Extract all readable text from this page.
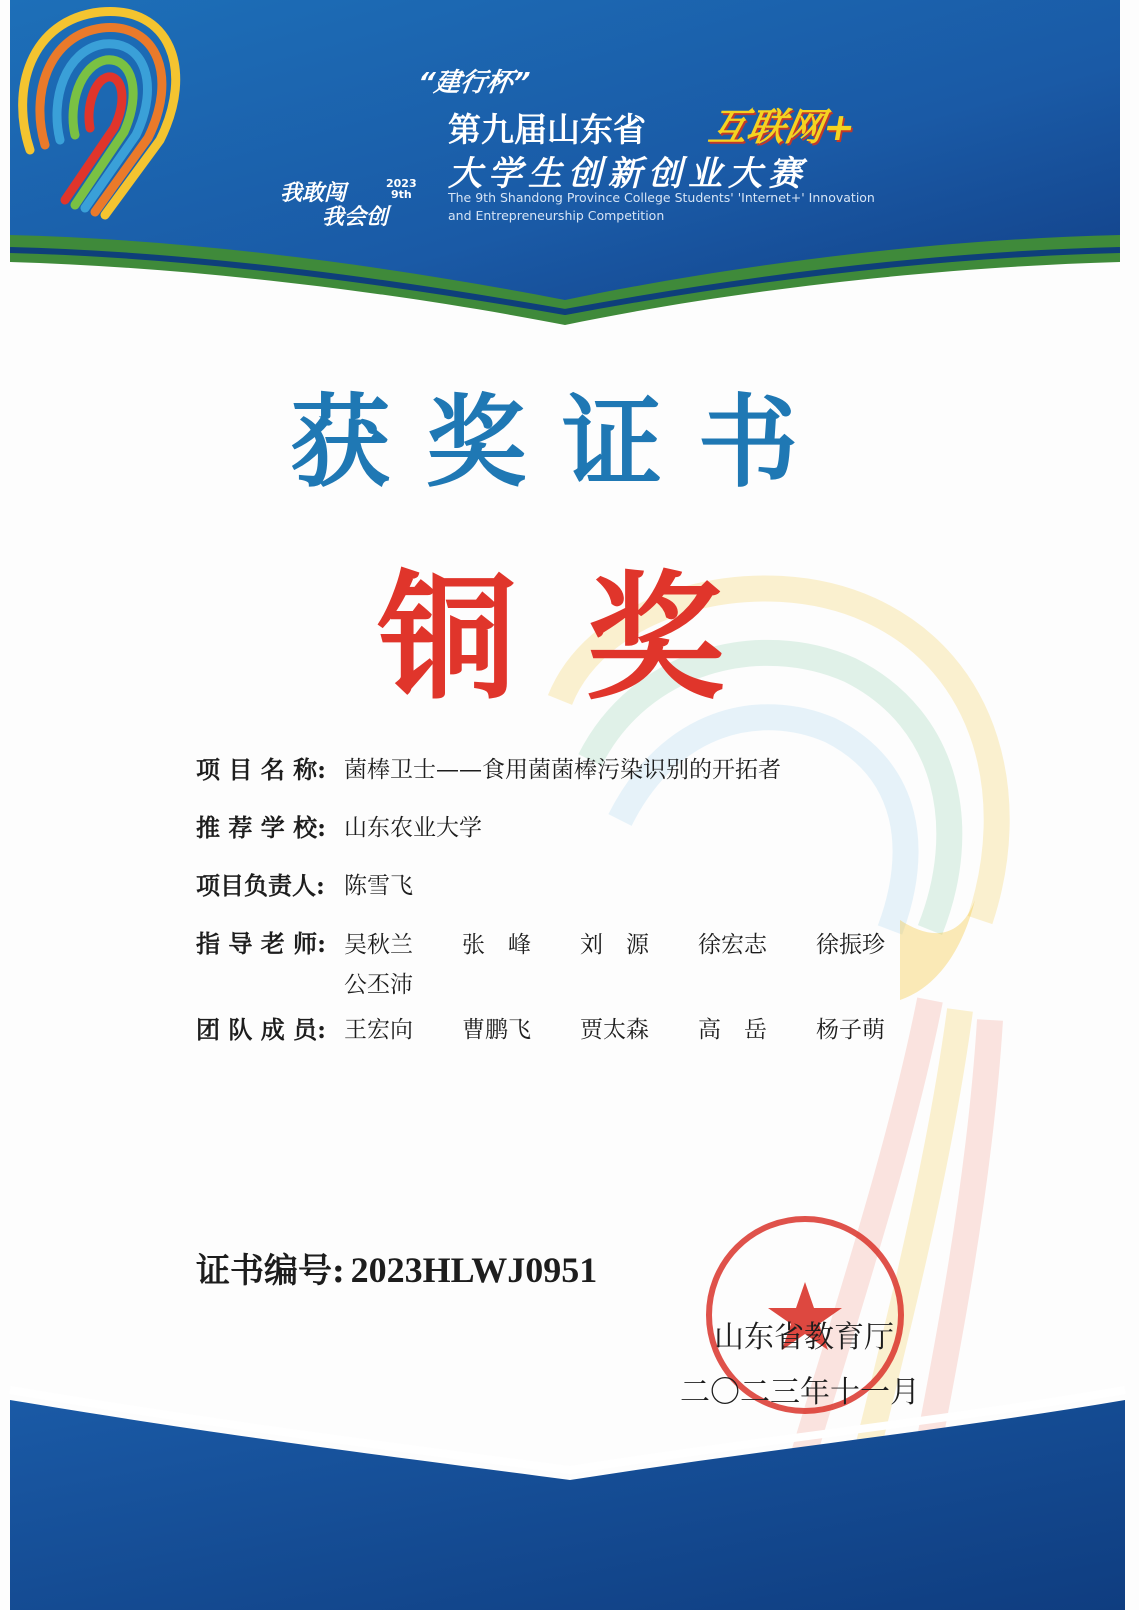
我敢闯
我会创
2023
9th
“建行杯”
第九届山东省 互联网+
大学生创新创业大赛
The 9th Shandong Province College Students' 'Internet+' Innovation and Entrepreneurship Competition
获奖证书
铜奖
项 目 名 称: 菌棒卫士——食用菌菌棒污染识别的开拓者
推 荐 学 校: 山东农业大学
项目负责人: 陈雪飞
指 导 老 师: 吴秋兰 张　峰 刘　源 徐宏志 徐振珍
公丕沛
团 队 成 员: 王宏向 曹鹏飞 贾太森 高　岳 杨子萌
证书编号: 2023HLWJ0951
山东省教育厅
二〇二三年十一月
